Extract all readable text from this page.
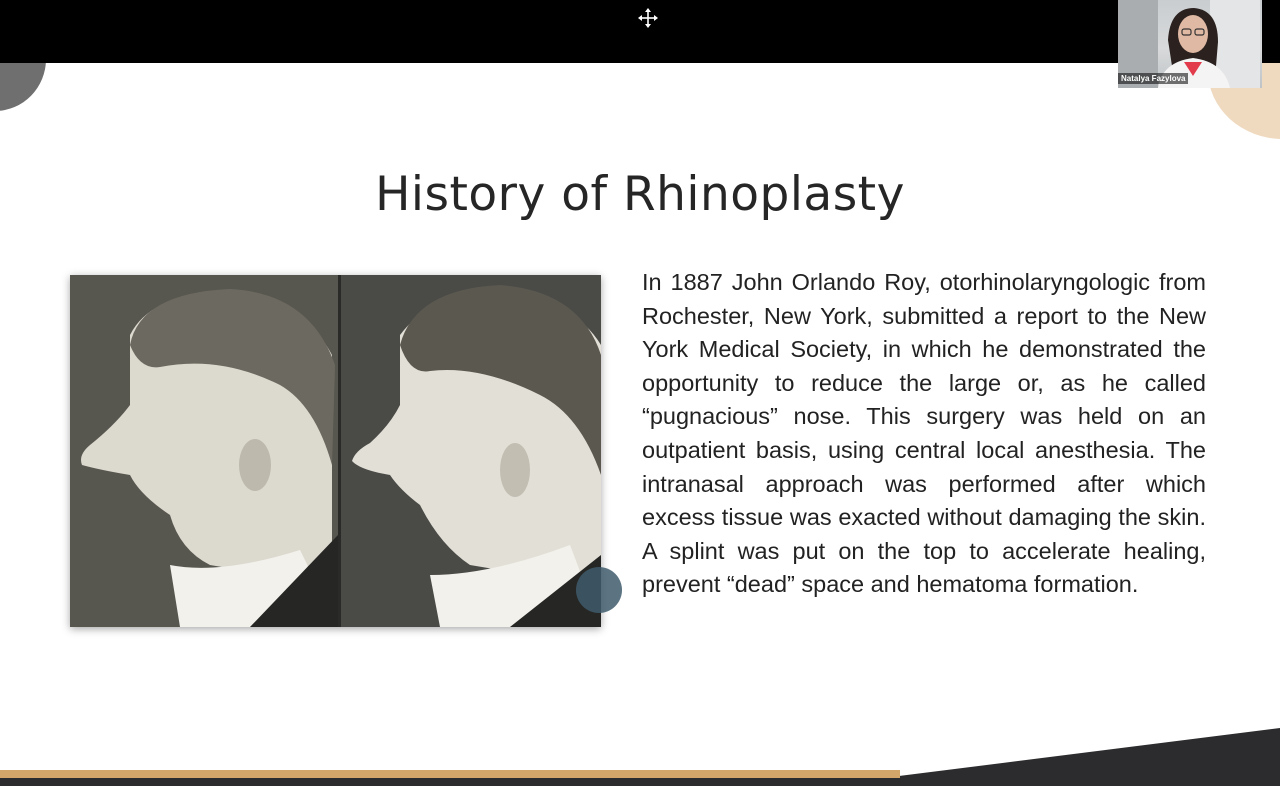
History of Rhinoplasty
In 1887 John Orlando Roy, otorhinolaryngologic from Rochester, New York, submitted a report to the New York Medical Society, in which he demonstrated the opportunity to reduce the large or, as he called “pugnacious” nose. This surgery was held on an outpatient basis, using central local anesthesia. The intranasal approach was performed after which excess tissue was exacted without damaging the skin. A splint was put on the top to accelerate healing, prevent “dead” space and hematoma formation.
Natalya Fazylova
